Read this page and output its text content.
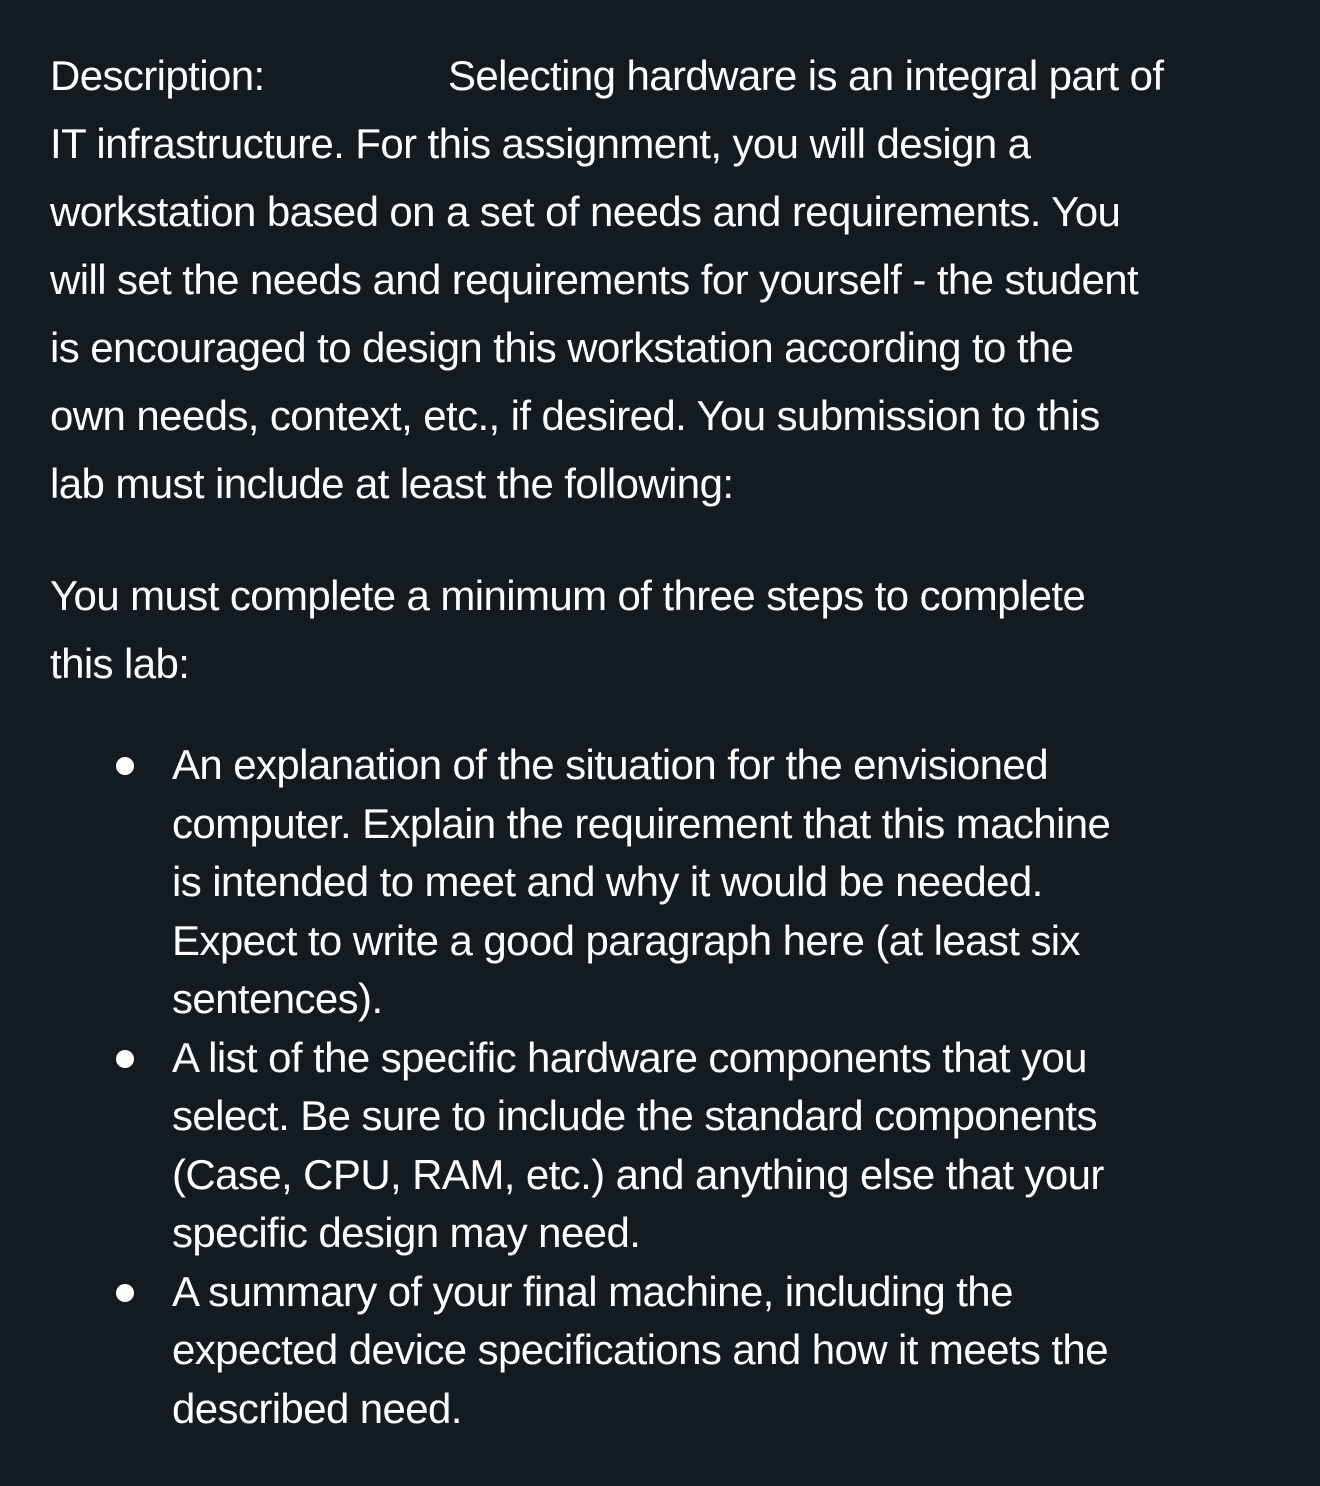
Description:	Selecting hardware is an integral part of
IT infrastructure. For this assignment, you will design a
workstation based on a set of needs and requirements. You
will set the needs and requirements for yourself - the student
is encouraged to design this workstation according to the
own needs, context, etc., if desired. You submission to this
lab must include at least the following:
You must complete a minimum of three steps to complete
this lab:
An explanation of the situation for the envisioned
computer. Explain the requirement that this machine
is intended to meet and why it would be needed.
Expect to write a good paragraph here (at least six
sentences).
A list of the specific hardware components that you
select. Be sure to include the standard components
(Case, CPU, RAM, etc.) and anything else that your
specific design may need.
A summary of your final machine, including the
expected device specifications and how it meets the
described need.
